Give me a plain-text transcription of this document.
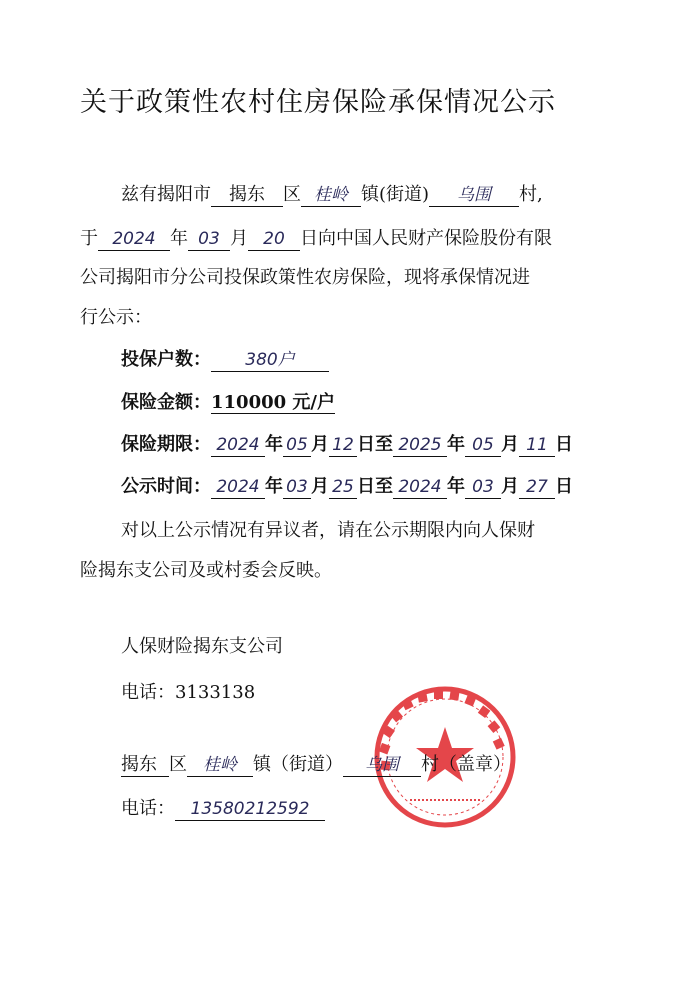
关于政策性农村住房保险承保情况公示
兹有揭阳市 揭东 区 桂岭 镇(街道) 乌围 村,
于 2024 年 03 月 20 日向中国人民财产保险股份有限
公司揭阳市分公司投保政策性农房保险，现将承保情况进
行公示：
投保户数： 380户
保险金额：110000 元/户
保险期限： 2024 年 05 月 12 日至 2025 年 05 月 11 日
公示时间： 2024 年 03 月 25 日至 2024 年 03 月 27 日
对以上公示情况有异议者，请在公示期限内向人保财
险揭东支公司及或村委会反映。
人保财险揭东支公司
电话：3133138
揭东 区 桂岭 镇（街道） 乌围 村（盖章）
电话： 13580212592
